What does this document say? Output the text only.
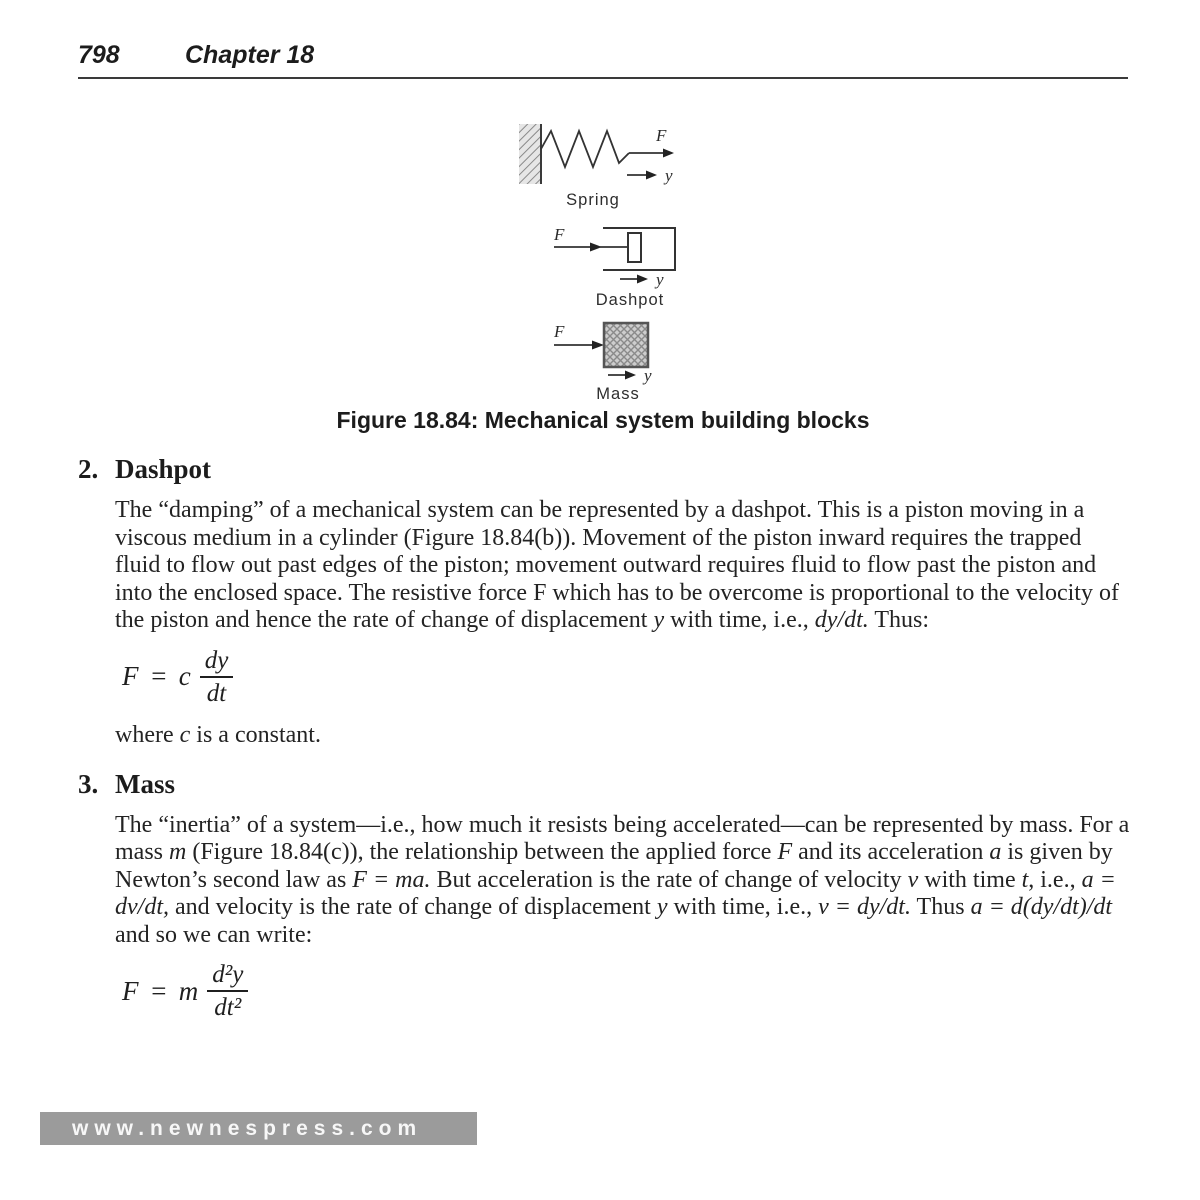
798	Chapter 18
F
y
Spring
F
y
Dashpot
F
y
Mass
Figure 18.84: Mechanical system building blocks
2. Dashpot

The “damping” of a mechanical system can be represented by a dashpot. This is a piston moving in a viscous medium in a cylinder (Figure 18.84(b)). Movement of the piston inward requires the trapped fluid to flow out past edges of the piston; movement outward requires fluid to flow past the piston and into the enclosed space. The resistive force F which has to be overcome is proportional to the velocity of the piston and hence the rate of change of displacement y with time, i.e., dy/dt. Thus:

F = c $\frac{dy}{dt}$

where c is a constant.

3. Mass

The “inertia” of a system—i.e., how much it resists being accelerated—can be represented by mass. For a mass m (Figure 18.84(c)), the relationship between the applied force F and its acceleration a is given by Newton’s second law as F = ma. But acceleration is the rate of change of velocity v with time t, i.e., a = dv/dt, and velocity is the rate of change of displacement y with time, i.e., v = dy/dt. Thus a = d(dy/dt)/dt and so we can write:

F = m $\frac{\text{d²y}}{\text{dt²}}$
www.newnespress.com
